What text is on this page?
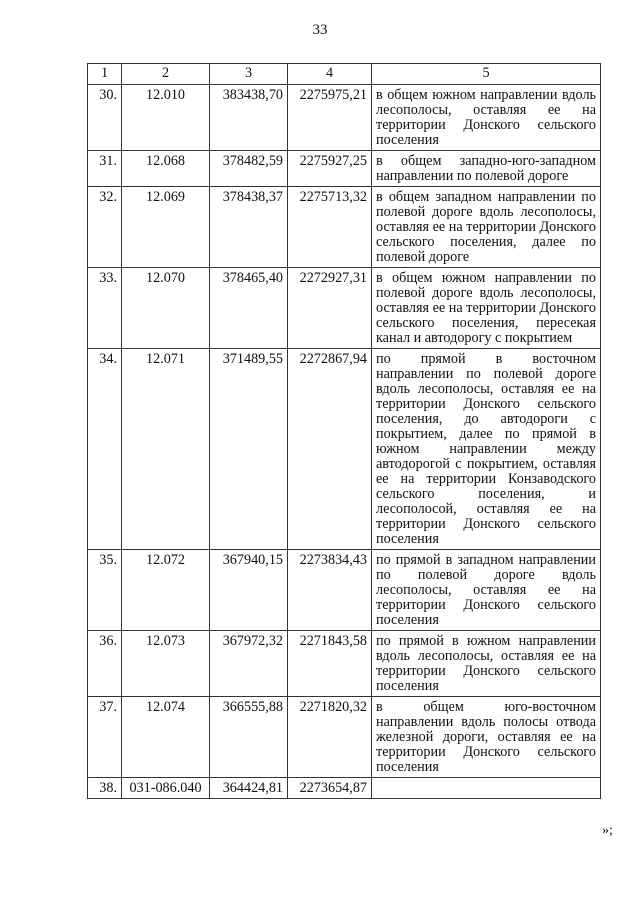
33
1	2	3	4	5
30.	12.010	383438,70	2275975,21	в общем южном направлении вдоль лесополосы, оставляя ее на территории Донского сельского поселения
31.	12.068	378482,59	2275927,25	в общем западно-юго-западном направлении по полевой дороге
32.	12.069	378438,37	2275713,32	в общем западном направлении по полевой дороге вдоль лесополосы, оставляя ее на территории Донского сельского поселения, далее по полевой дороге
33.	12.070	378465,40	2272927,31	в общем южном направлении по полевой дороге вдоль лесополосы, оставляя ее на территории Донского сельского поселения, пересекая канал и автодорогу с покрытием
34.	12.071	371489,55	2272867,94	по прямой в восточном направлении по полевой дороге вдоль лесополосы, оставляя ее на территории Донского сельского поселения, до автодороги с покрытием, далее по прямой в южном направлении между автодорогой с покрытием, оставляя ее на территории Конзаводского сельского поселения, и лесополосой, оставляя ее на территории Донского сельского поселения
35.	12.072	367940,15	2273834,43	по прямой в западном направлении по полевой дороге вдоль лесополосы, оставляя ее на территории Донского сельского поселения
36.	12.073	367972,32	2271843,58	по прямой в южном направлении вдоль лесополосы, оставляя ее на территории Донского сельского поселения
37.	12.074	366555,88	2271820,32	в общем юго-восточном направлении вдоль полосы отвода железной дороги, оставляя ее на территории Донского сельского поселения
38.	031-086.040	364424,81	2273654,87	
»;
